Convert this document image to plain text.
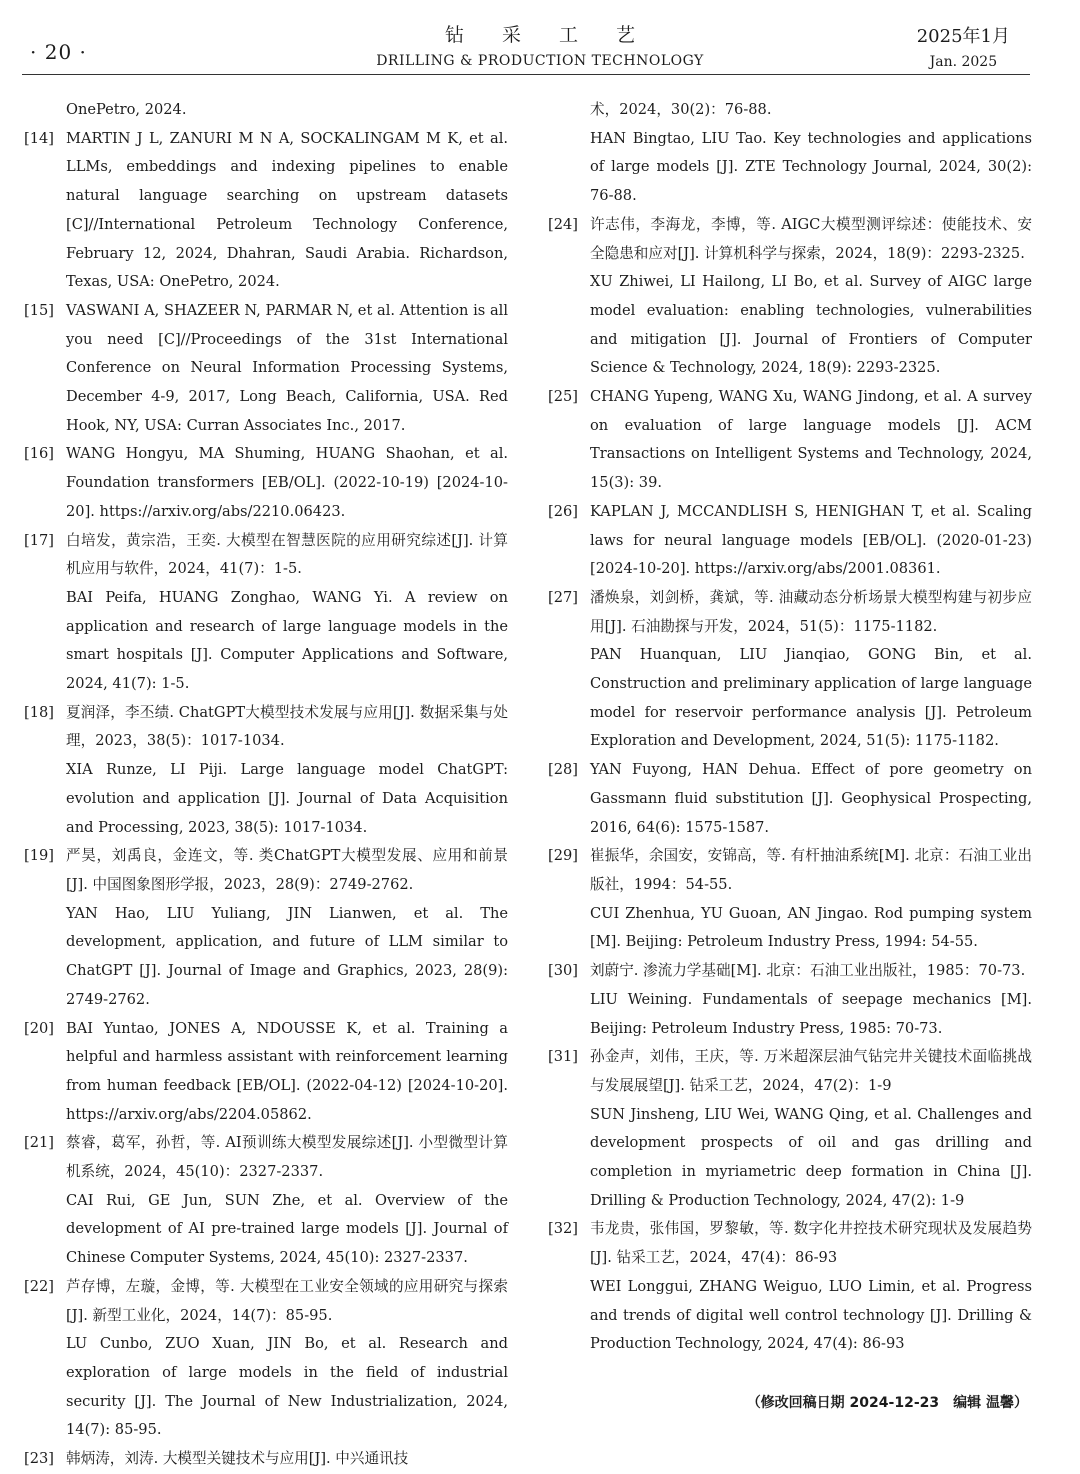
· 20 ·
钻　　采　　工　　艺
DRILLING & PRODUCTION TECHNOLOGY
2025年1月
Jan. 2025
OnePetro, 2024.
[14] MARTIN J L, ZANURI M N A, SOCKALINGAM M K, et al. LLMs, embeddings and indexing pipelines to enable natural language searching on upstream datasets [C]//International Petroleum Technology Conference, February 12, 2024, Dhahran, Saudi Arabia. Richardson, Texas, USA: OnePetro, 2024.
[15] VASWANI A, SHAZEER N, PARMAR N, et al. Attention is all you need [C]//Proceedings of the 31st International Conference on Neural Information Processing Systems, December 4-9, 2017, Long Beach, California, USA. Red Hook, NY, USA: Curran Associates Inc., 2017.
[16] WANG Hongyu, MA Shuming, HUANG Shaohan, et al. Foundation transformers [EB/OL]. (2022-10-19) [2024-10-20]. https://arxiv.org/abs/2210.06423.
[17] 白培发，黄宗浩，王奕. 大模型在智慧医院的应用研究综述[J]. 计算机应用与软件，2024，41(7)：1-5.
BAI Peifa, HUANG Zonghao, WANG Yi. A review on application and research of large language models in the smart hospitals [J]. Computer Applications and Software, 2024, 41(7): 1-5.
[18] 夏润泽，李丕绩. ChatGPT大模型技术发展与应用[J]. 数据采集与处理，2023，38(5)：1017-1034.
XIA Runze, LI Piji. Large language model ChatGPT: evolution and application [J]. Journal of Data Acquisition and Processing, 2023, 38(5): 1017-1034.
[19] 严昊，刘禹良，金连文，等. 类ChatGPT大模型发展、应用和前景[J]. 中国图象图形学报，2023，28(9)：2749-2762.
YAN Hao, LIU Yuliang, JIN Lianwen, et al. The development, application, and future of LLM similar to ChatGPT [J]. Journal of Image and Graphics, 2023, 28(9): 2749-2762.
[20] BAI Yuntao, JONES A, NDOUSSE K, et al. Training a helpful and harmless assistant with reinforcement learning from human feedback [EB/OL]. (2022-04-12) [2024-10-20]. https://arxiv.org/abs/2204.05862.
[21] 蔡睿，葛军，孙哲，等. AI预训练大模型发展综述[J]. 小型微型计算机系统，2024，45(10)：2327-2337.
CAI Rui, GE Jun, SUN Zhe, et al. Overview of the development of AI pre-trained large models [J]. Journal of Chinese Computer Systems, 2024, 45(10): 2327-2337.
[22] 芦存博，左璇，金博，等. 大模型在工业安全领域的应用研究与探索[J]. 新型工业化，2024，14(7)：85-95.
LU Cunbo, ZUO Xuan, JIN Bo, et al. Research and exploration of large models in the field of industrial security [J]. The Journal of New Industrialization, 2024, 14(7): 85-95.
[23] 韩炳涛，刘涛. 大模型关键技术与应用[J]. 中兴通讯技
术，2024，30(2)：76-88.
HAN Bingtao, LIU Tao. Key technologies and applications of large models [J]. ZTE Technology Journal, 2024, 30(2): 76-88.
[24] 许志伟，李海龙，李博，等. AIGC大模型测评综述：使能技术、安全隐患和应对[J]. 计算机科学与探索，2024，18(9)：2293-2325.
XU Zhiwei, LI Hailong, LI Bo, et al. Survey of AIGC large model evaluation: enabling technologies, vulnerabilities and mitigation [J]. Journal of Frontiers of Computer Science & Technology, 2024, 18(9): 2293-2325.
[25] CHANG Yupeng, WANG Xu, WANG Jindong, et al. A survey on evaluation of large language models [J]. ACM Transactions on Intelligent Systems and Technology, 2024, 15(3): 39.
[26] KAPLAN J, MCCANDLISH S, HENIGHAN T, et al. Scaling laws for neural language models [EB/OL]. (2020-01-23) [2024-10-20]. https://arxiv.org/abs/2001.08361.
[27] 潘焕泉，刘剑桥，龚斌，等. 油藏动态分析场景大模型构建与初步应用[J]. 石油勘探与开发，2024，51(5)：1175-1182.
PAN Huanquan, LIU Jianqiao, GONG Bin, et al. Construction and preliminary application of large language model for reservoir performance analysis [J]. Petroleum Exploration and Development, 2024, 51(5): 1175-1182.
[28] YAN Fuyong, HAN Dehua. Effect of pore geometry on Gassmann fluid substitution [J]. Geophysical Prospecting, 2016, 64(6): 1575-1587.
[29] 崔振华，余国安，安锦高，等. 有杆抽油系统[M]. 北京：石油工业出版社，1994：54-55.
CUI Zhenhua, YU Guoan, AN Jingao. Rod pumping system [M]. Beijing: Petroleum Industry Press, 1994: 54-55.
[30] 刘蔚宁. 渗流力学基础[M]. 北京：石油工业出版社，1985：70-73.
LIU Weining. Fundamentals of seepage mechanics [M]. Beijing: Petroleum Industry Press, 1985: 70-73.
[31] 孙金声，刘伟，王庆，等. 万米超深层油气钻完井关键技术面临挑战与发展展望[J]. 钻采工艺，2024，47(2)：1-9
SUN Jinsheng, LIU Wei, WANG Qing, et al. Challenges and development prospects of oil and gas drilling and completion in myriametric deep formation in China [J]. Drilling & Production Technology, 2024, 47(2): 1-9
[32] 韦龙贵，张伟国，罗黎敏，等. 数字化井控技术研究现状及发展趋势[J]. 钻采工艺，2024，47(4)：86-93
WEI Longgui, ZHANG Weiguo, LUO Limin, et al. Progress and trends of digital well control technology [J]. Drilling & Production Technology, 2024, 47(4): 86-93
（修改回稿日期 2024-12-23　编辑 温馨）
